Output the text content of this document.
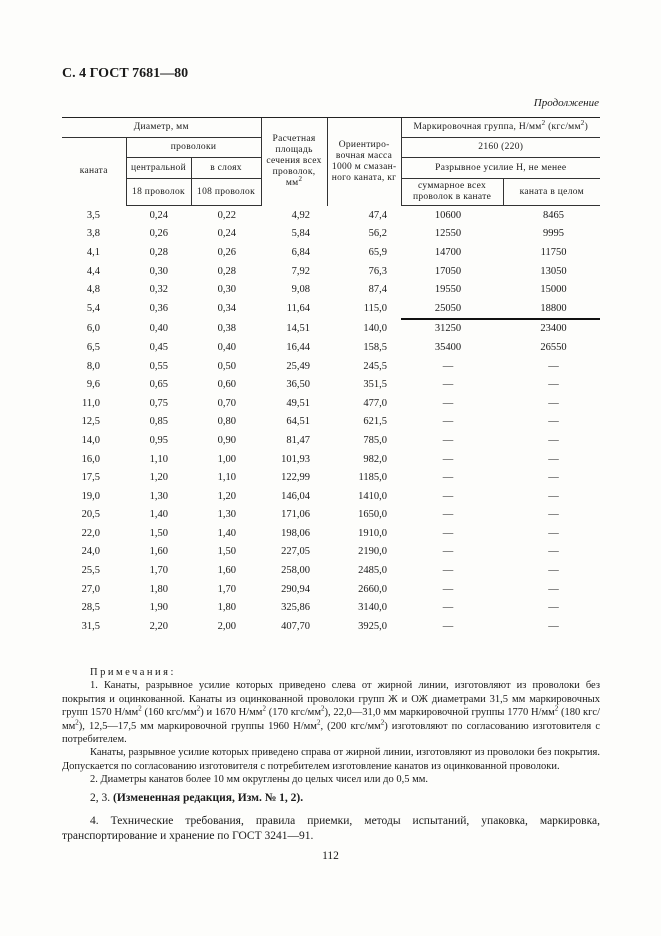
С. 4 ГОСТ 7681—80
Продолжение
Диаметр, мм			Расчетная площадь сечения всех проволок, $мм^2$	Ориентировочная масса 1000 м смазанного каната, кг	Маркировочная группа, $Н/мм^2$ $(кгс/мм^2)$	
каната	проволоки				2160 (220)	
	центральной	в слоях			Разрывное усилие Н, не менее	
	18 проволок	108 проволок			суммарное всех проволок в канате	каната в целом
3,5	0,24	0,22	4,92	47,4	10600	8465
3,8	0,26	0,24	5,84	56,2	12550	9995
4,1	0,28	0,26	6,84	65,9	14700	11750
4,4	0,30	0,28	7,92	76,3	17050	13050
4,8	0,32	0,30	9,08	87,4	19550	15000
5,4	0,36	0,34	11,64	115,0	25050	18800
6,0	0,40	0,38	14,51	140,0	31250	23400
6,5	0,45	0,40	16,44	158,5	35400	26550
8,0	0,55	0,50	25,49	245,5	—	—
9,6	0,65	0,60	36,50	351,5	—	—
11,0	0,75	0,70	49,51	477,0	—	—
12,5	0,85	0,80	64,51	621,5	—	—
14,0	0,95	0,90	81,47	785,0	—	—
16,0	1,10	1,00	101,93	982,0	—	—
17,5	1,20	1,10	122,99	1185,0	—	—
19,0	1,30	1,20	146,04	1410,0	—	—
20,5	1,40	1,30	171,06	1650,0	—	—
22,0	1,50	1,40	198,06	1910,0	—	—
24,0	1,60	1,50	227,05	2190,0	—	—
25,5	1,70	1,60	258,00	2485,0	—	—
27,0	1,80	1,70	290,94	2660,0	—	—
28,5	1,90	1,80	325,86	3140,0	—	—
31,5	2,20	2,00	407,70	3925,0	—	—

Примечания:

1. Канаты, разрывное усилие которых приведено слева от жирной линии, изготовляют из проволоки без покрытия и оцинкованной. Канаты из оцинкованной проволоки групп Ж и ОЖ диаметрами 31,5 мм маркировочных групп 1570 $Н/мм^2$ (160 кгс/$мм^2$) и 1670 $Н/мм^2$ (170 кгс/$мм^2$), 22,0—31,0 мм маркировочной группы 1770 $Н/мм^2$ (180 кгс/$мм^2$), 12,5—17,5 мм маркировочной группы 1960 $Н/мм^2$, (200 кгс/$мм^2$) изготовляют по согласованию изготовителя с потребителем.

Канаты, разрывное усилие которых приведено справа от жирной линии, изготовляют из проволоки без покрытия. Допускается по согласованию изготовителя с потребителем изготовление канатов из оцинкованной проволоки.

2. Диаметры канатов более 10 мм округлены до целых чисел или до 0,5 мм.

2, 3. (Измененная редакция, Изм. № 1, 2).

4. Технические требования, правила приемки, методы испытаний, упаковка, маркировка, транспортирование и хранение по ГОСТ 3241—91.

112
